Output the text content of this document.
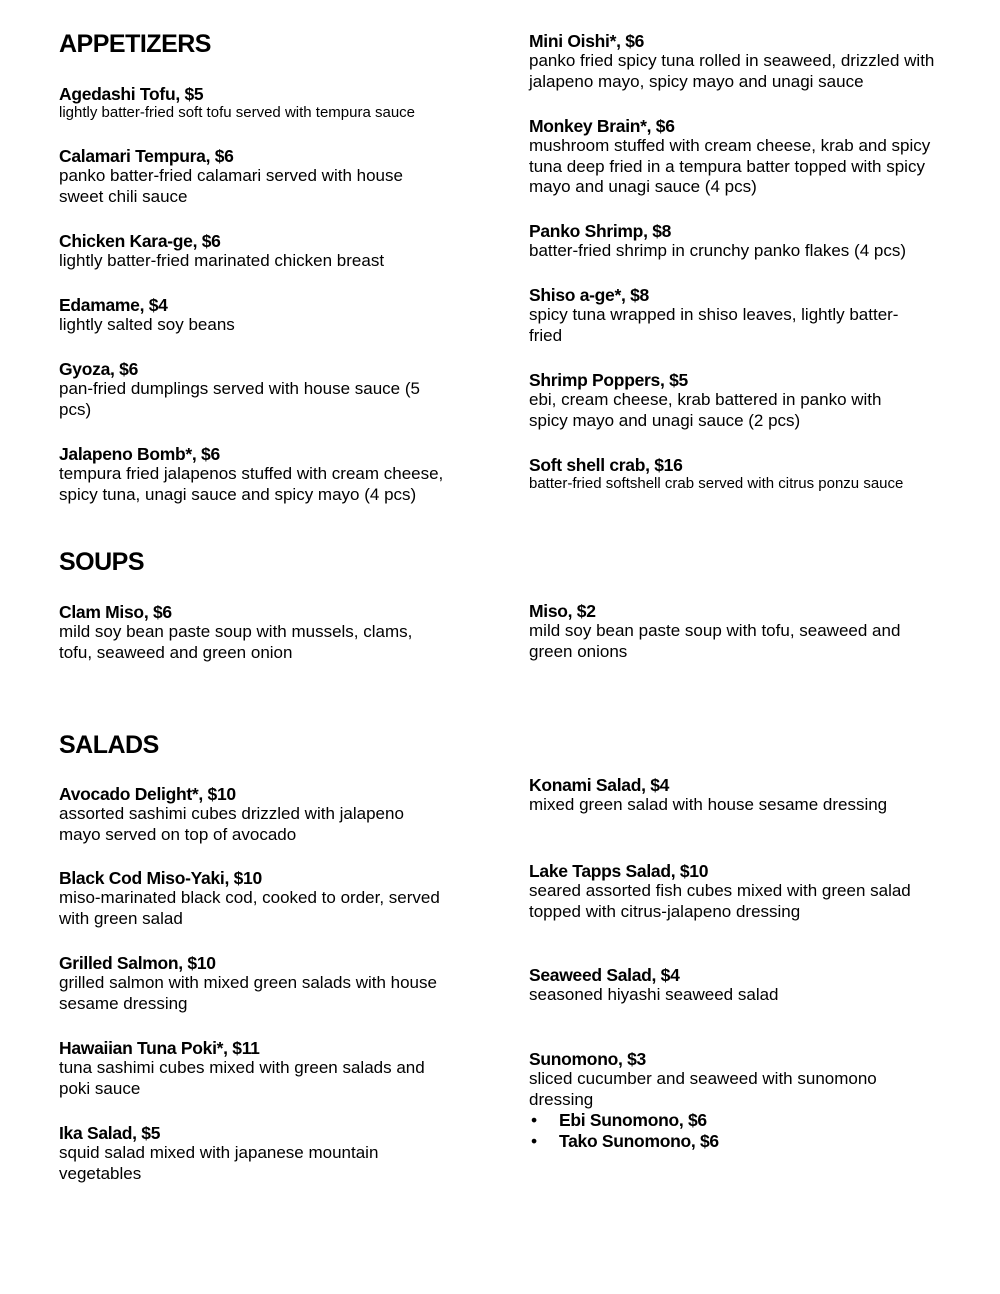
APPETIZERS
Agedashi Tofu, $5
lightly batter-fried soft tofu served with tempura sauce
Calamari Tempura, $6
panko batter-fried calamari served with house sweet chili sauce
Chicken Kara-ge, $6
lightly batter-fried marinated chicken breast
Edamame, $4
lightly salted soy beans
Gyoza, $6
pan-fried dumplings served with house sauce (5 pcs)
Jalapeno Bomb*, $6
tempura fried jalapenos stuffed with cream cheese, spicy tuna, unagi sauce and spicy mayo (4 pcs)
Mini Oishi*, $6
panko fried spicy tuna rolled in seaweed, drizzled with jalapeno mayo, spicy mayo and unagi sauce
Monkey Brain*, $6
mushroom stuffed with cream cheese, krab and spicy tuna deep fried in a tempura batter topped with spicy mayo and unagi sauce (4 pcs)
Panko Shrimp, $8
batter-fried shrimp in crunchy panko flakes (4 pcs)
Shiso a-ge*, $8
spicy tuna wrapped in shiso leaves, lightly batter-fried
Shrimp Poppers, $5
ebi, cream cheese, krab battered in panko with spicy mayo and unagi sauce (2 pcs)
Soft shell crab, $16
batter-fried softshell crab served with citrus ponzu sauce
SOUPS
Clam Miso, $6
mild soy bean paste soup with mussels, clams, tofu, seaweed and green onion
Miso, $2
mild soy bean paste soup with tofu, seaweed and green onions
SALADS
Avocado Delight*, $10
assorted sashimi cubes drizzled with jalapeno mayo served on top of avocado
Black Cod Miso-Yaki, $10
miso-marinated black cod, cooked to order, served with green salad
Grilled Salmon, $10
grilled salmon with mixed green salads with house sesame dressing
Hawaiian Tuna Poki*, $11
tuna sashimi cubes mixed with green salads and poki sauce
Ika Salad, $5
squid salad mixed with japanese mountain vegetables
Konami Salad, $4
mixed green salad with house sesame dressing
Lake Tapps Salad, $10
seared assorted fish cubes mixed with green salad topped with citrus-jalapeno dressing
Seaweed Salad, $4
seasoned hiyashi seaweed salad
Sunomono, $3
sliced cucumber and seaweed with sunomono dressing
• Ebi Sunomono, $6
• Tako Sunomono, $6
